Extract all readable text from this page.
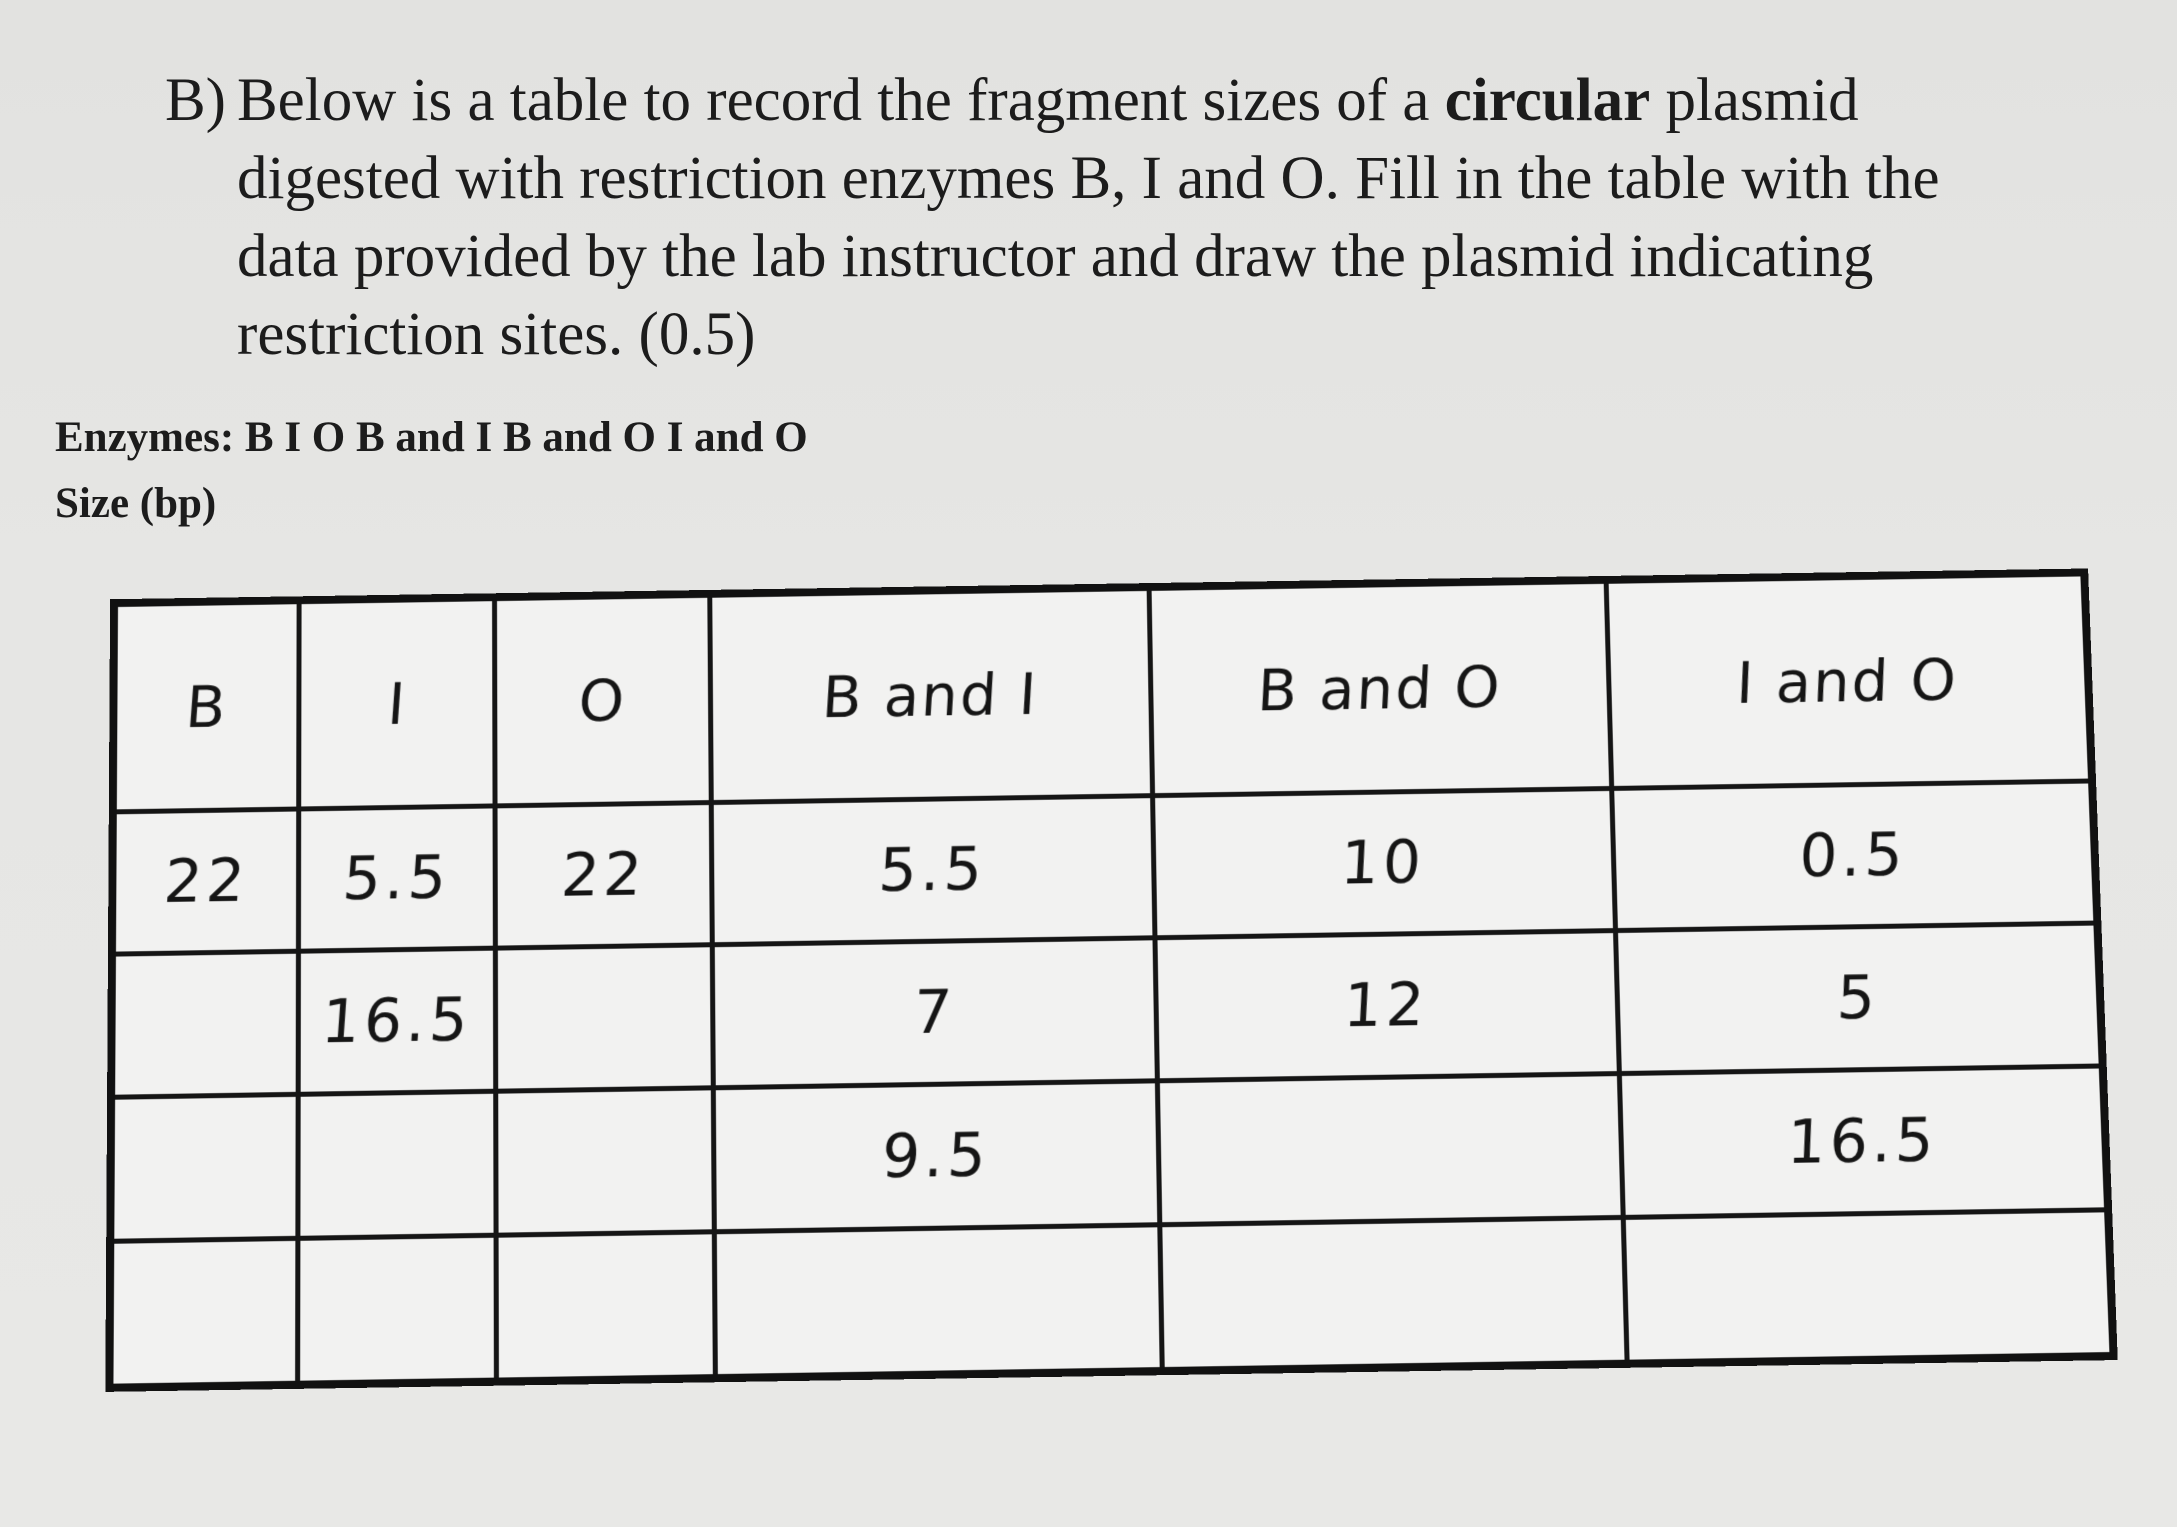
B) Below is a table to record the fragment sizes of a circular plasmid
digested with restriction enzymes B, I and O. Fill in the table with the
data provided by the lab instructor and draw the plasmid indicating
restriction sites. (0.5)
Enzymes: B I O B and I B and O I and O
Size (bp)
B	I	O	B and I	B and O	I and O
22	5.5	22	5.5	10	0.5
	16.5		7	12	5
			9.5		16.5
